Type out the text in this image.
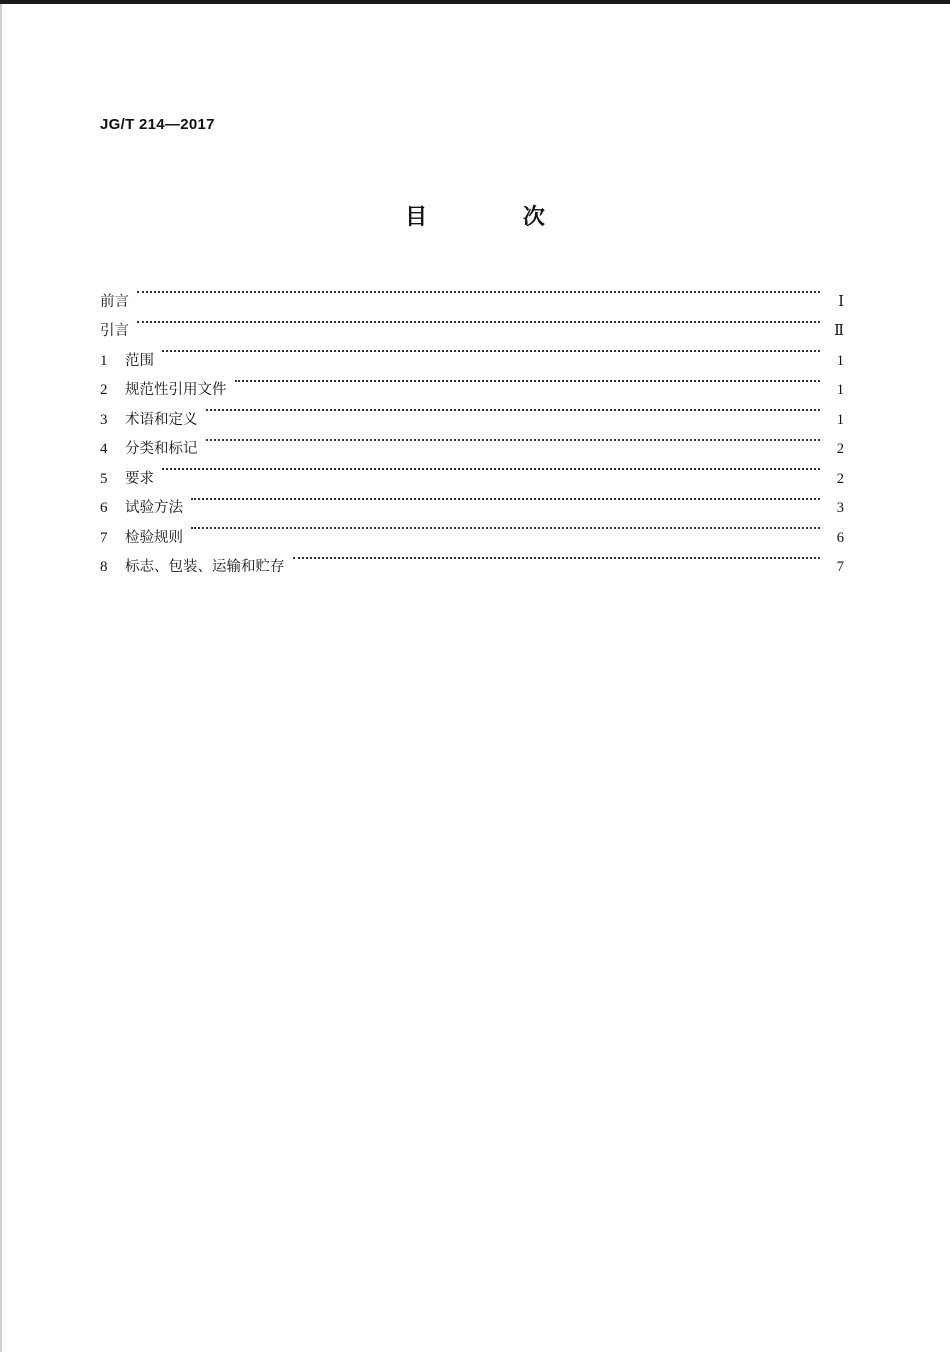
JG/T 214—2017
目 次
前言	Ⅰ
引言	Ⅱ
1	范围	1
2	规范性引用文件	1
3	术语和定义	1
4	分类和标记	2
5	要求	2
6	试验方法	3
7	检验规则	6
8	标志、包装、运输和贮存	7
